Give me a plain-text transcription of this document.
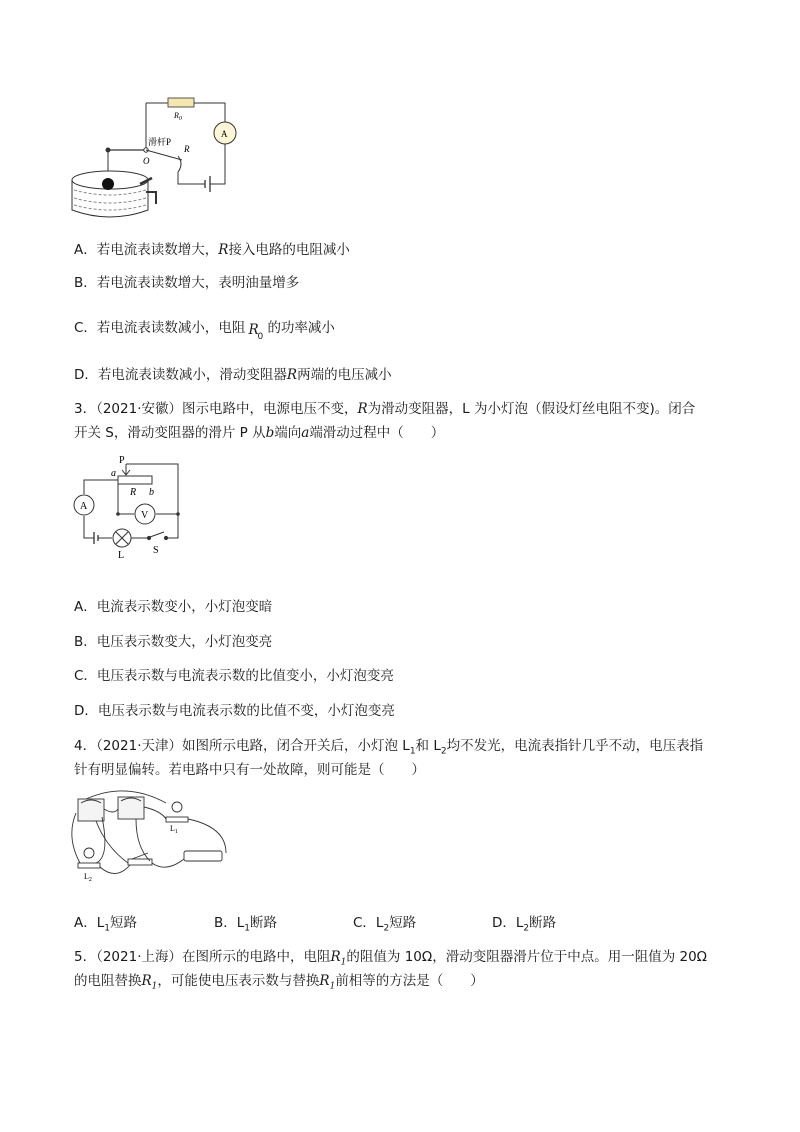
$R_0$
A
滑杆P
O
R
A．若电流表读数增大，R接入电路的电阻减小
B．若电流表读数增大，表明油量增多
C．若电流表读数减小，电阻 R
0
的功率减小
D．若电流表读数减小，滑动变阻器R两端的电压减小
3．（2021·安徽）图示电路中，电源电压不变，R为滑动变阻器，L 为小灯泡（假设灯丝电阻不变)。闭合
开关 S，滑动变阻器的滑片 P 从b端向a端滑动过程中（　　）
P
a
R b
A
V
L	S
A．电流表示数变小，小灯泡变暗
B．电压表示数变大，小灯泡变亮
C．电压表示数与电流表示数的比值变小，小灯泡变亮
D．电压表示数与电流表示数的比值不变，小灯泡变亮
4．（2021·天津）如图所示电路，闭合开关后，小灯泡 $L_1$和 $L_2$均不发光，电流表指针几乎不动，电压表指
针有明显偏转。若电路中只有一处故障，则可能是（　　）
$L_1$
$L_2$
A．$L_1$短路	B．$L_1$断路	C．$L_2$短路	D．$L_2$断路
5．（2021·上海）在图所示的电路中，电阻$R_1$的阻值为 10Ω，滑动变阻器滑片位于中点。用一阻值为 20Ω
的电阻替换$R_1$，可能使电压表示数与替换$R_1$前相等的方法是（　　）
